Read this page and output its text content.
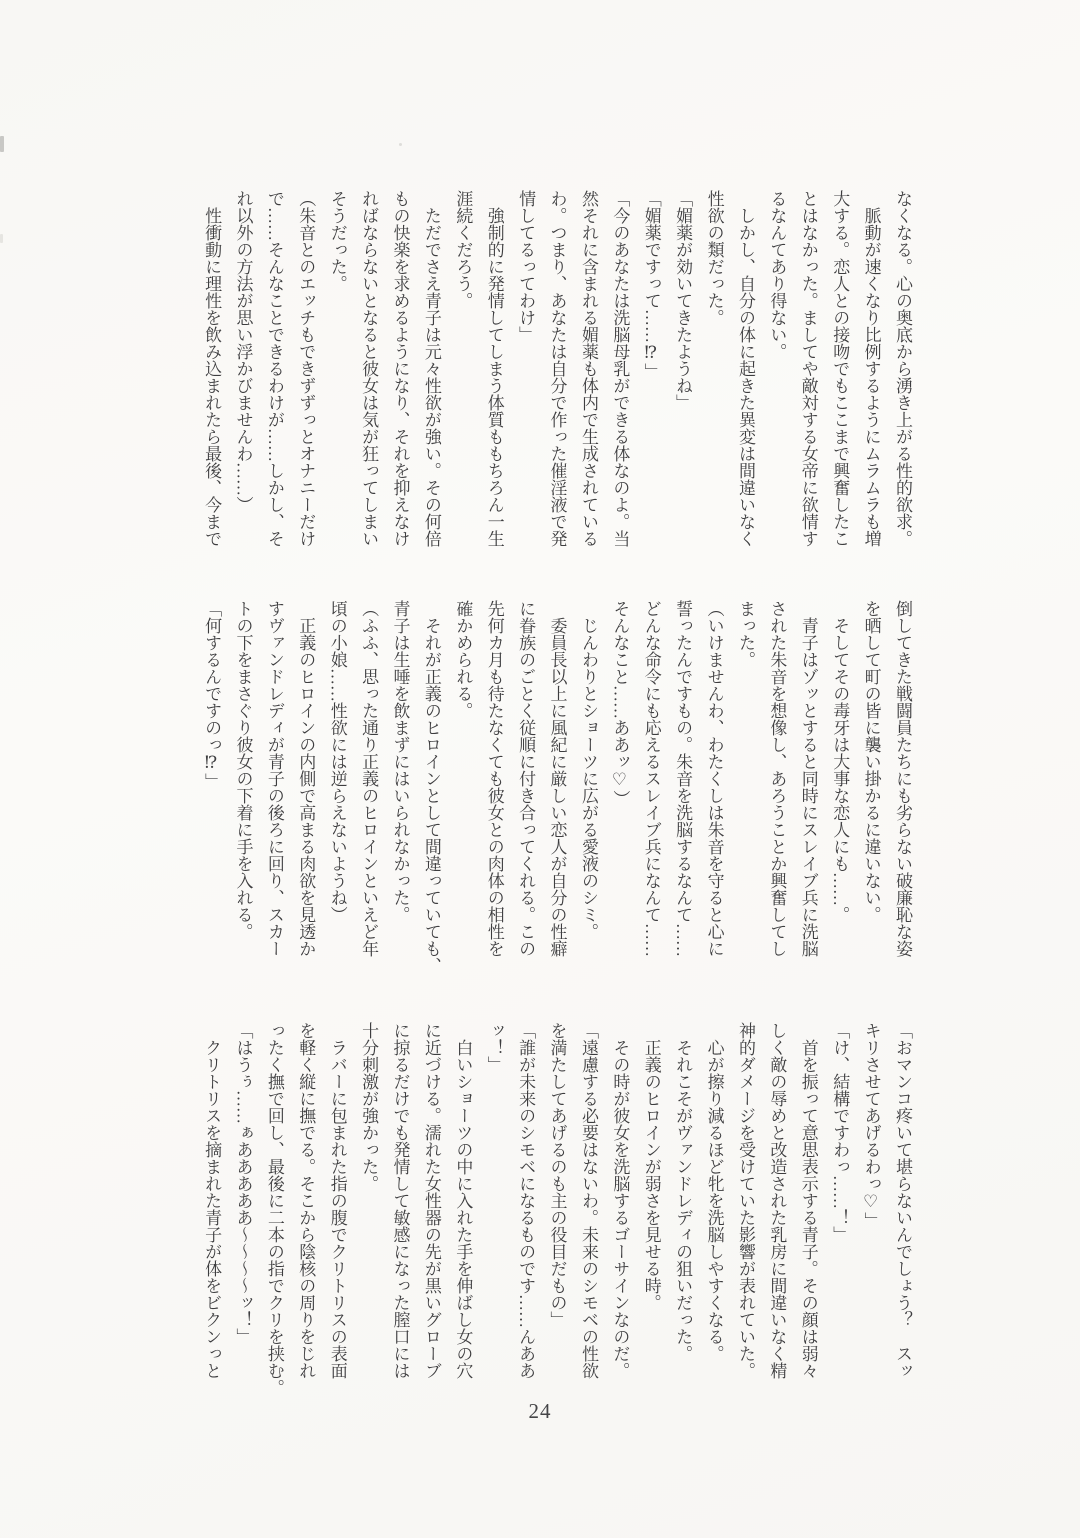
なくなる。心の奥底から湧き上がる性的欲求。
脈動が速くなり比例するようにムラムラも増
大する。恋人との接吻でもここまで興奮したこ
とはなかった。ましてや敵対する女帝に欲情す
るなんてあり得ない。
しかし、自分の体に起きた異変は間違いなく
性欲の類だった。
「媚薬が効いてきたようね」
「媚薬ですって……⁉」
「今のあなたは洗脳母乳ができる体なのよ。当
然それに含まれる媚薬も体内で生成されている
わ。つまり、あなたは自分で作った催淫液で発
情してるってわけ」
強制的に発情してしまう体質ももちろん一生
涯続くだろう。
ただでさえ青子は元々性欲が強い。その何倍
もの快楽を求めるようになり、それを抑えなけ
ればならないとなると彼女は気が狂ってしまい
そうだった。
（朱音とのエッチもできずずっとオナニーだけ
で……そんなことできるわけが……しかし、そ
れ以外の方法が思い浮かびませんわ……）
性衝動に理性を飲み込まれたら最後、今まで
倒してきた戦闘員たちにも劣らない破廉恥な姿
を晒して町の皆に襲い掛かるに違いない。
そしてその毒牙は大事な恋人にも……。
青子はゾッとすると同時にスレイブ兵に洗脳
された朱音を想像し、あろうことか興奮してし
まった。
（いけませんわ、わたくしは朱音を守ると心に
誓ったんですもの。朱音を洗脳するなんて……
どんな命令にも応えるスレイブ兵になんて……
そんなこと……ああッ♡）
じんわりとショーツに広がる愛液のシミ。
委員長以上に風紀に厳しい恋人が自分の性癖
に眷族のごとく従順に付き合ってくれる。この
先何カ月も待たなくても彼女との肉体の相性を
確かめられる。
それが正義のヒロインとして間違っていても、
青子は生唾を飲まずにはいられなかった。
（ふふ、思った通り正義のヒロインといえど年
頃の小娘……性欲には逆らえないようね）
正義のヒロインの内側で高まる肉欲を見透か
すヴァンドレディが青子の後ろに回り、スカー
トの下をまさぐり彼女の下着に手を入れる。
「何するんですのっ⁉」
「おマンコ疼いて堪らないんでしょう？　スッ
キリさせてあげるわっ♡」
「け、結構ですわっ……！」
首を振って意思表示する青子。その顔は弱々
しく敵の辱めと改造された乳房に間違いなく精
神的ダメージを受けていた影響が表れていた。
心が擦り減るほど牝を洗脳しやすくなる。
それこそがヴァンドレディの狙いだった。
正義のヒロインが弱さを見せる時。
その時が彼女を洗脳するゴーサインなのだ。
「遠慮する必要はないわ。未来のシモベの性欲
を満たしてあげるのも主の役目だもの」
「誰が未来のシモベになるものです……んああ
ッ！」
白いショーツの中に入れた手を伸ばし女の穴
に近づける。濡れた女性器の先が黒いグローブ
に掠るだけでも発情して敏感になった膣口には
十分刺激が強かった。
ラバーに包まれた指の腹でクリトリスの表面
を軽く縦に撫でる。そこから陰核の周りをじれ
ったく撫で回し、最後に二本の指でクリを挟む。
「はうぅ……ぁあああああ〜〜〜〜ッ！」
クリトリスを摘まれた青子が体をビクンっと
24
